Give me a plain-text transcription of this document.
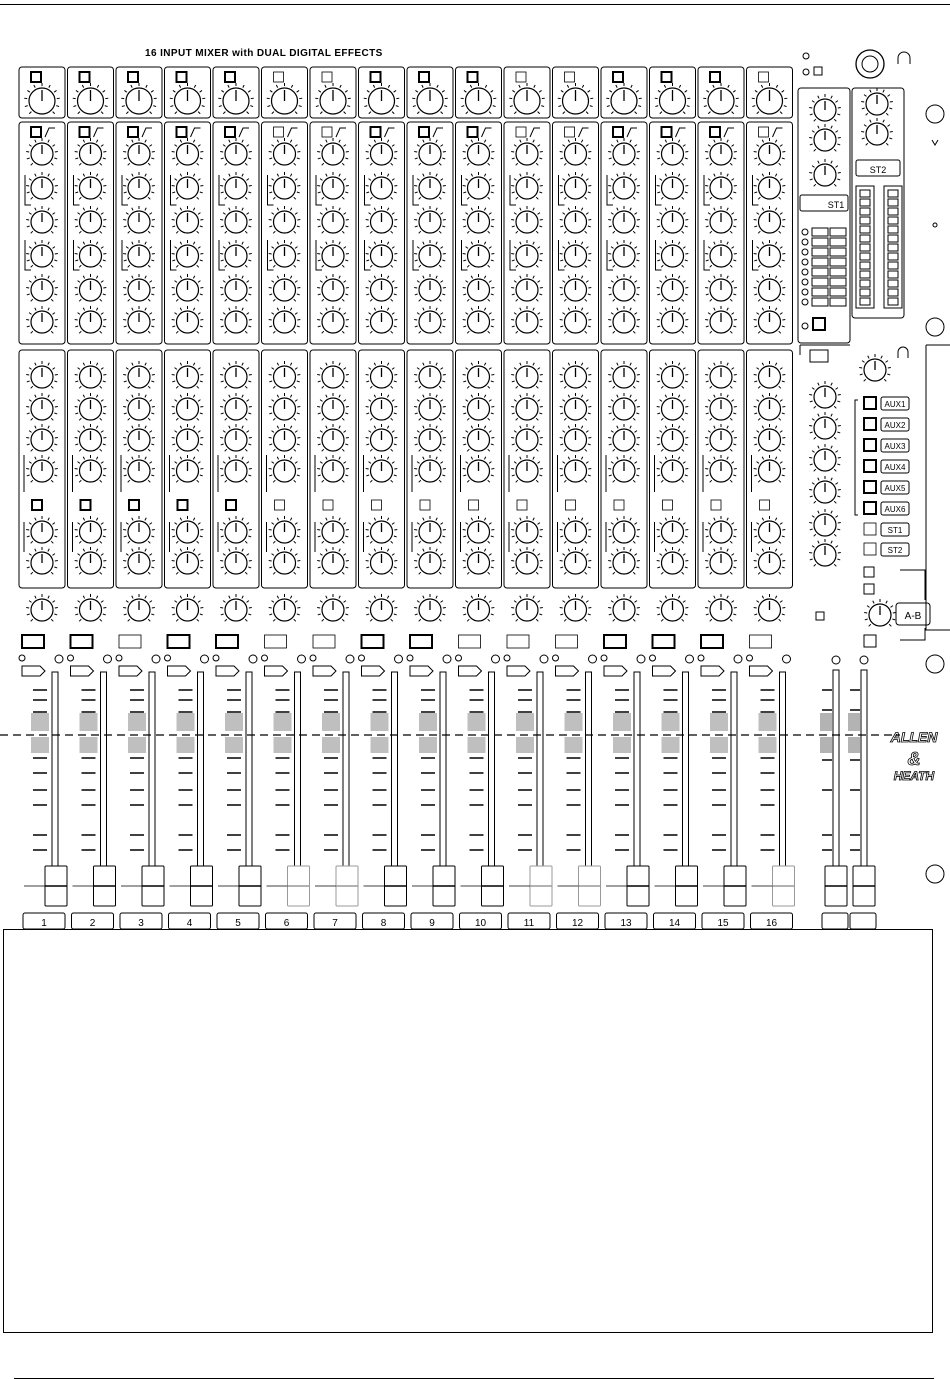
16 INPUT MIXER with DUAL DIGITAL EFFECTS
1	2	3	4	5	6	7	8	9	10	11	12	13	14	15	16
ST1
ST2
AUX1
AUX2
AUX3
AUX4
AUX5
AUX6
ST1
ST2
A-B
ALLEN
&
HEATH
